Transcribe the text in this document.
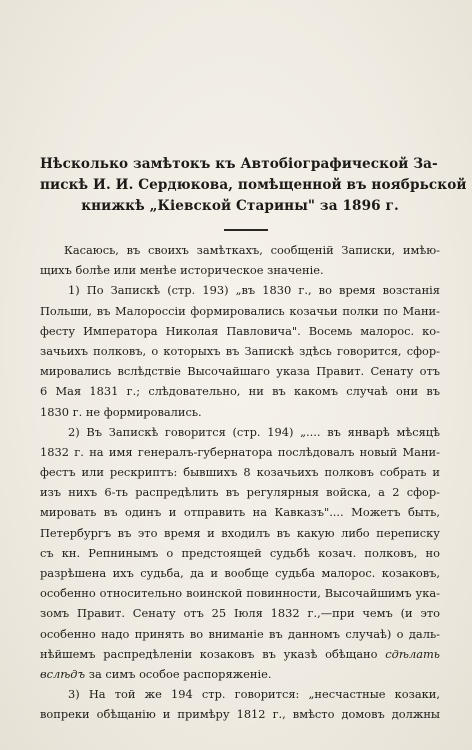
Нѣсколько замѣтокъ къ Автобіографической За-
пискѣ И. И. Сердюкова, помѣщенной въ ноябрьской
книжкѣ „Кіевской Старины" за 1896 г.
Касаюсь, въ своихъ замѣткахъ, сообщеній Записки, имѣю-
щихъ болѣе или менѣе историческое значеніе.
1) По Запискѣ (стр. 193) „въ 1830 г., во время возстанія
Польши, въ Малороссіи формировались козачьи полки по Мани-
фесту Императора Николая Павловича". Восемь малорос. ко-
зачьихъ полковъ, о которыхъ въ Запискѣ здѣсь говорится, сфор-
мировались вслѣдствіе Высочайшаго указа Правит. Сенату отъ
6 Мая 1831 г.; слѣдовательно, ни въ какомъ случаѣ они въ
1830 г. не формировались.
2) Въ Запискѣ говорится (стр. 194) „.... въ январѣ мѣсяцѣ
1832 г. на имя генералъ-губернатора послѣдовалъ новый Мани-
фестъ или рескриптъ: бывшихъ 8 козачьихъ полковъ собрать и
изъ нихъ 6-ть распредѣлить въ регулярныя войска, а 2 сфор-
мировать въ одинъ и отправить на Кавказъ".... Можетъ быть,
Петербургъ въ это время и входилъ въ какую либо переписку
съ кн. Репнинымъ о предстоящей судьбѣ козач. полковъ, но
разрѣшена ихъ судьба, да и вообще судьба малорос. козаковъ,
особенно относительно воинской повинности, Высочайшимъ ука-
зомъ Правит. Сенату отъ 25 Іюля 1832 г.,—при чемъ (и это
особенно надо принять во вниманіе въ данномъ случаѣ) о даль-
нѣйшемъ распредѣленіи козаковъ въ указѣ обѣщано сдѣлать
вслѣдъ за симъ особое распоряженіе.
3) На той же 194 стр. говорится: „несчастные козаки,
вопреки обѣщанію и примѣру 1812 г., вмѣсто домовъ должны
